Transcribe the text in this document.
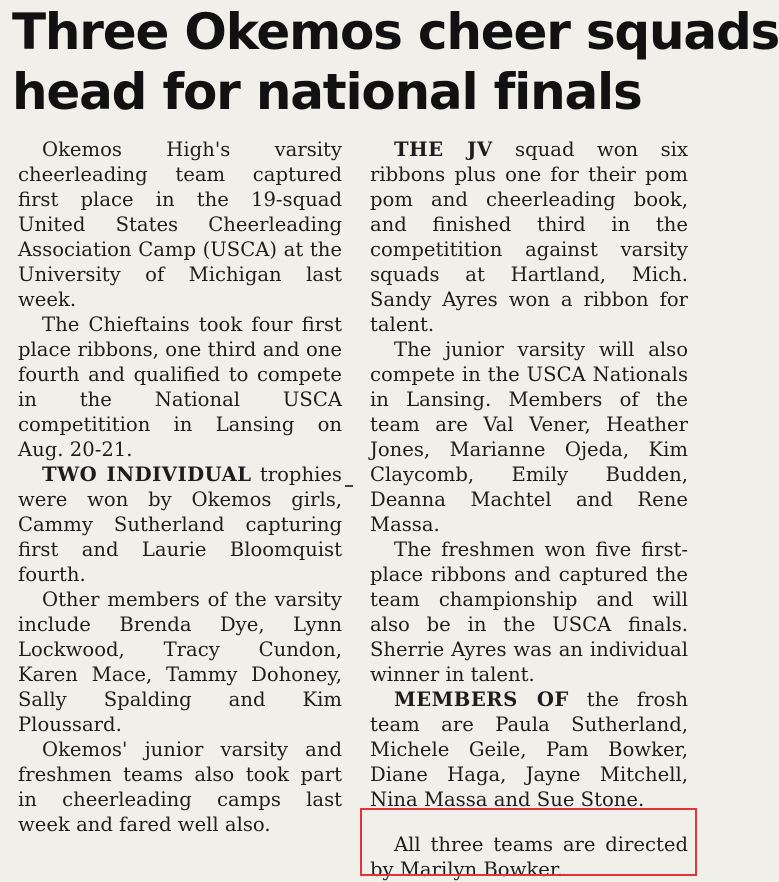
Three Okemos cheer squads
head for national finals

Okemos High's varsity cheerleading team captured first place in the 19-squad United States Cheerleading Association Camp (USCA) at the University of Michigan last week.

The Chieftains took four first place ribbons, one third and one fourth and qualified to compete in the National USCA competitition in Lansing on Aug. 20-21.

TWO INDIVIDUAL trophies were won by Okemos girls, Cammy Sutherland capturing first and Laurie Bloomquist fourth.

Other members of the varsity include Brenda Dye, Lynn Lockwood, Tracy Cundon, Karen Mace, Tammy Dohoney, Sally Spalding and Kim Ploussard.

Okemos' junior varsity and freshmen teams also took part in cheerleading camps last week and fared well also.

THE JV squad won six ribbons plus one for their pom pom and cheerleading book, and finished third in the competitition against varsity squads at Hartland, Mich. Sandy Ayres won a ribbon for talent.

The junior varsity will also compete in the USCA Nationals in Lansing. Members of the team are Val Vener, Heather Jones, Marianne Ojeda, Kim Claycomb, Emily Budden, Deanna Machtel and Rene Massa.

The freshmen won five first-place ribbons and captured the team championship and will also be in the USCA finals. Sherrie Ayres was an individual winner in talent.

MEMBERS OF the frosh team are Paula Sutherland, Michele Geile, Pam Bowker, Diane Haga, Jayne Mitchell, Nina Massa and Sue Stone.

All three teams are directed by Marilyn Bowker.
